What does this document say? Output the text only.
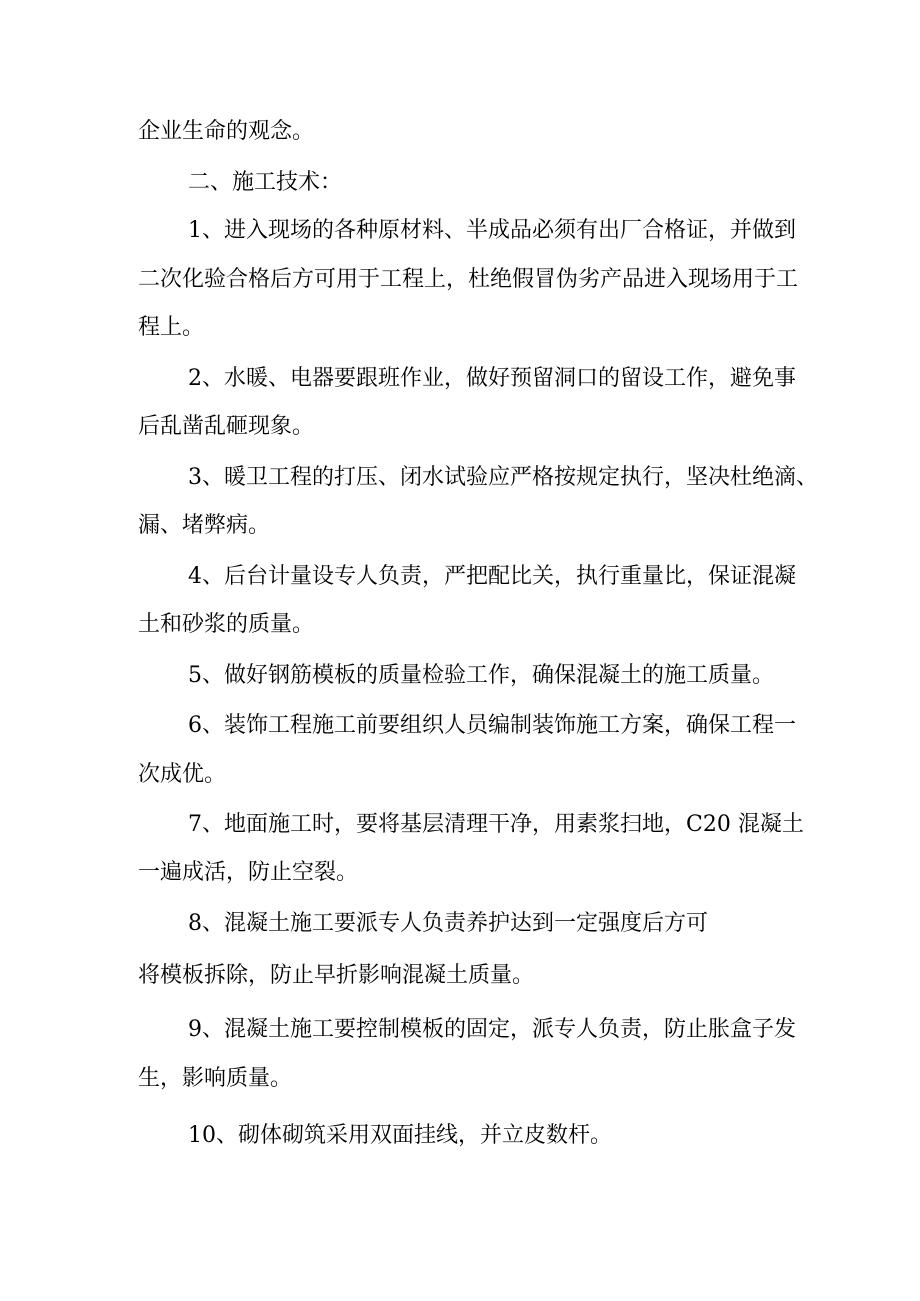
企业生命的观念。
二、施工技术：
1、进入现场的各种原材料、半成品必须有出厂合格证，并做到
二次化验合格后方可用于工程上，杜绝假冒伪劣产品进入现场用于工
程上。
2、水暖、电器要跟班作业，做好预留洞口的留设工作，避免事
后乱凿乱砸现象。
3、暖卫工程的打压、闭水试验应严格按规定执行，坚决杜绝滴、
漏、堵弊病。
4、后台计量设专人负责，严把配比关，执行重量比，保证混凝
土和砂浆的质量。
5、做好钢筋模板的质量检验工作，确保混凝土的施工质量。
6、装饰工程施工前要组织人员编制装饰施工方案，确保工程一
次成优。
7、地面施工时，要将基层清理干净，用素浆扫地，C20 混凝土
一遍成活，防止空裂。
8、混凝土施工要派专人负责养护达到一定强度后方可
将模板拆除，防止早折影响混凝土质量。
9、混凝土施工要控制模板的固定，派专人负责，防止胀盒子发
生，影响质量。
10、砌体砌筑采用双面挂线，并立皮数杆。
